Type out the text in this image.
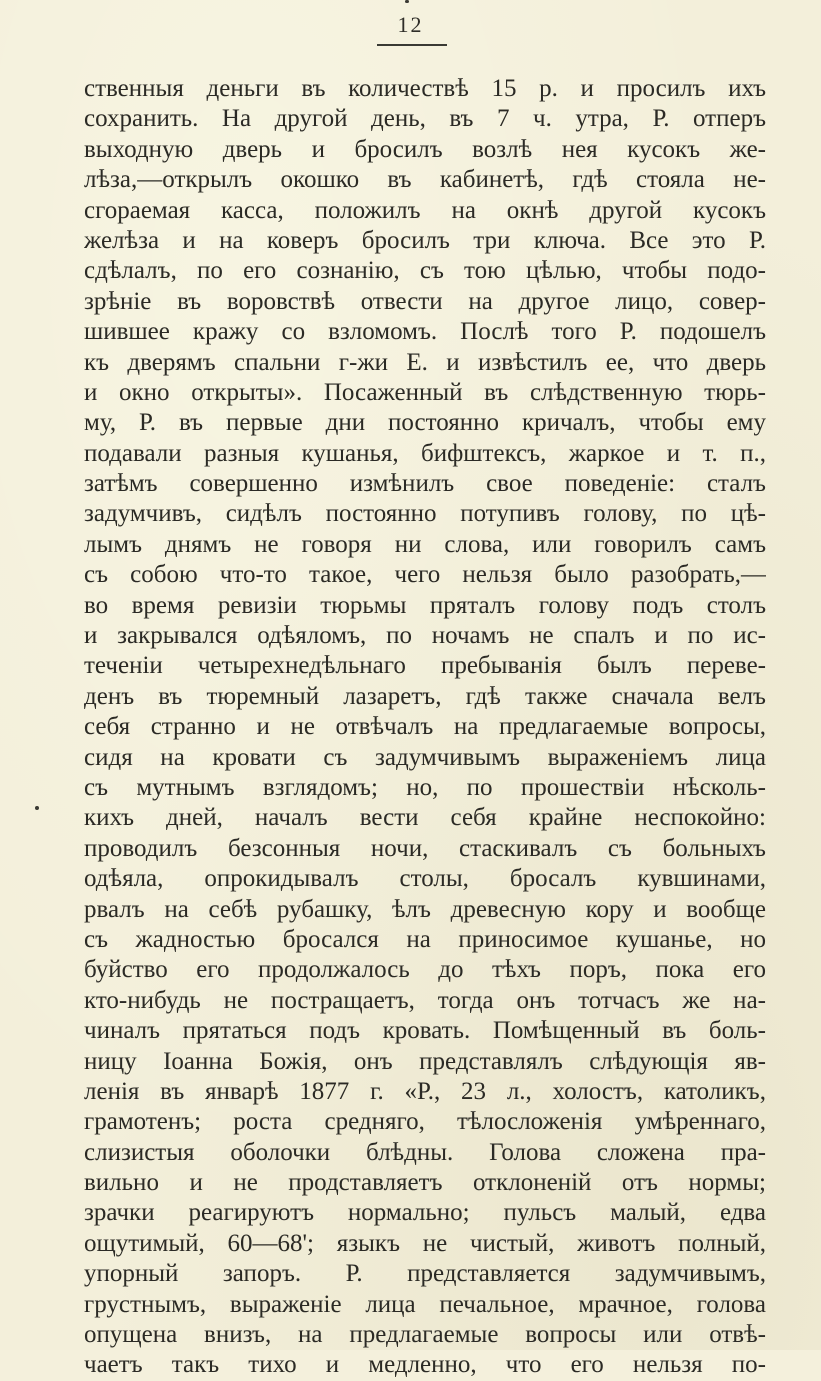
12
ственныя деньги въ количествѣ 15 р. и просилъ ихъ
сохранить. На другой день, въ 7 ч. утра, Р. отперъ
выходную дверь и бросилъ возлѣ нея кусокъ же-
лѣза,—открылъ окошко въ кабинетѣ, гдѣ стояла не-
сгораемая касса, положилъ на окнѣ другой кусокъ
желѣза и на коверъ бросилъ три ключа. Все это Р.
сдѣлалъ, по его сознанію, съ тою цѣлью, чтобы подо-
зрѣніе въ воровствѣ отвести на другое лицо, совер-
шившее кражу со взломомъ. Послѣ того Р. подошелъ
къ дверямъ спальни г-жи Е. и извѣстилъ ее, что дверь
и окно открыты». Посаженный въ слѣдственную тюрь-
му, Р. въ первые дни постоянно кричалъ, чтобы ему
подавали разныя кушанья, бифштексъ, жаркое и т. п.,
затѣмъ совершенно измѣнилъ свое поведеніе: сталъ
задумчивъ, сидѣлъ постоянно потупивъ голову, по цѣ-
лымъ днямъ не говоря ни слова, или говорилъ самъ
съ собою что-то такое, чего нельзя было разобрать,—
во время ревизіи тюрьмы пряталъ голову подъ столъ
и закрывался одѣяломъ, по ночамъ не спалъ и по ис-
теченіи четырехнедѣльнаго пребыванія былъ переве-
денъ въ тюремный лазаретъ, гдѣ также сначала велъ
себя странно и не отвѣчалъ на предлагаемые вопросы,
сидя на кровати съ задумчивымъ выраженіемъ лица
съ мутнымъ взглядомъ; но, по прошествіи нѣсколь-
кихъ дней, началъ вести себя крайне неспокойно:
проводилъ безсонныя ночи, стаскивалъ съ больныхъ
одѣяла, опрокидывалъ столы, бросалъ кувшинами,
рвалъ на себѣ рубашку, ѣлъ древесную кору и вообще
съ жадностью бросался на приносимое кушанье, но
буйство его продолжалось до тѣхъ поръ, пока его
кто-нибудь не постращаетъ, тогда онъ тотчасъ же на-
чиналъ прятаться подъ кровать. Помѣщенный въ боль-
ницу Іоанна Божія, онъ представлялъ слѣдующія яв-
ленія въ январѣ 1877 г. «Р., 23 л., холостъ, католикъ,
грамотенъ; роста средняго, тѣлосложенія умѣреннаго,
слизистыя оболочки блѣдны. Голова сложена пра-
вильно и не продставляетъ отклоненій отъ нормы;
зрачки реагируютъ нормально; пульсъ малый, едва
ощутимый, 60—68'; языкъ не чистый, животъ полный,
упорный запоръ. Р. представляется задумчивымъ,
грустнымъ, выраженіе лица печальное, мрачное, голова
опущена внизъ, на предлагаемые вопросы или отвѣ-
чаетъ такъ тихо и медленно, что его нельзя по-
